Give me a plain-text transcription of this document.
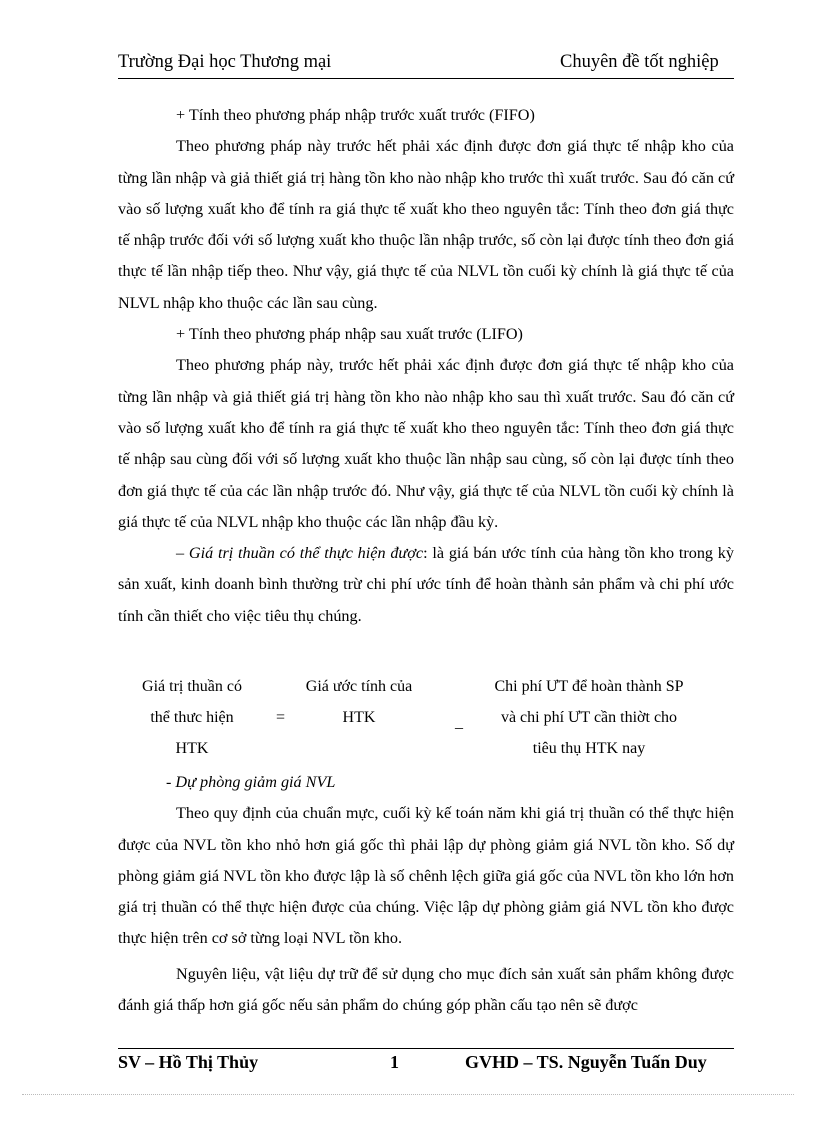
Trường Đại học Thương mại	Chuyên đề tốt nghiệp

+ Tính theo phương pháp nhập trước xuất trước (FIFO)

Theo phương pháp này trước hết phải xác định được đơn giá thực tế nhập kho của từng lần nhập và giả thiết giá trị hàng tồn kho nào nhập kho trước thì xuất trước. Sau đó căn cứ vào số lượng xuất kho để tính ra giá thực tế xuất kho theo nguyên tắc: Tính theo đơn giá thực tế nhập trước đối với số lượng xuất kho thuộc lần nhập trước, số còn lại được tính theo đơn giá thực tế lần nhập tiếp theo. Như vậy, giá thực tế của NLVL tồn cuối kỳ chính là giá thực tế của NLVL nhập kho thuộc các lần sau cùng.

+ Tính theo phương pháp nhập sau xuất trước (LIFO)

Theo phương pháp này, trước hết phải xác định được đơn giá thực tế nhập kho của từng lần nhập và giả thiết giá trị hàng tồn kho nào nhập kho sau thì xuất trước. Sau đó căn cứ vào số lượng xuất kho để tính ra giá thực tế xuất kho theo nguyên tắc: Tính theo đơn giá thực tế nhập sau cùng đối với số lượng xuất kho thuộc lần nhập sau cùng, số còn lại được tính theo đơn giá thực tế của các lần nhập trước đó. Như vậy, giá thực tế của NLVL tồn cuối kỳ chính là giá thực tế của NLVL nhập kho thuộc các lần nhập đầu kỳ.

– Giá trị thuần có thể thực hiện được: là giá bán ước tính của hàng tồn kho trong kỳ sản xuất, kinh doanh bình thường trừ chi phí ước tính để hoàn thành sản phẩm và chi phí ước tính cần thiết cho việc tiêu thụ chúng.

Giá trị thuần có
thể thưc hiện
HTK
=
Giá ước tính của
HTK	_
Chi phí ƯT để hoàn thành SP
và chi phí ƯT cần thiờt cho
tiêu thụ HTK nay

- Dự phòng giảm giá NVL

Theo quy định của chuẩn mực, cuối kỳ kế toán năm khi giá trị thuần có thể thực hiện được của NVL tồn kho nhỏ hơn giá gốc thì phải lập dự phòng giảm giá NVL tồn kho. Số dự phòng giảm giá NVL tồn kho được lập là số chênh lệch giữa giá gốc của NVL tồn kho lớn hơn giá trị thuần có thể thực hiện được của chúng. Việc lập dự phòng giảm giá NVL tồn kho được thực hiện trên cơ sở từng loại NVL tồn kho.

Nguyên liệu, vật liệu dự trữ để sử dụng cho mục đích sản xuất sản phẩm không được đánh giá thấp hơn giá gốc nếu sản phẩm do chúng góp phần cấu tạo nên sẽ được

SV – Hồ Thị Thủy	1	GVHD – TS. Nguyễn Tuấn Duy
